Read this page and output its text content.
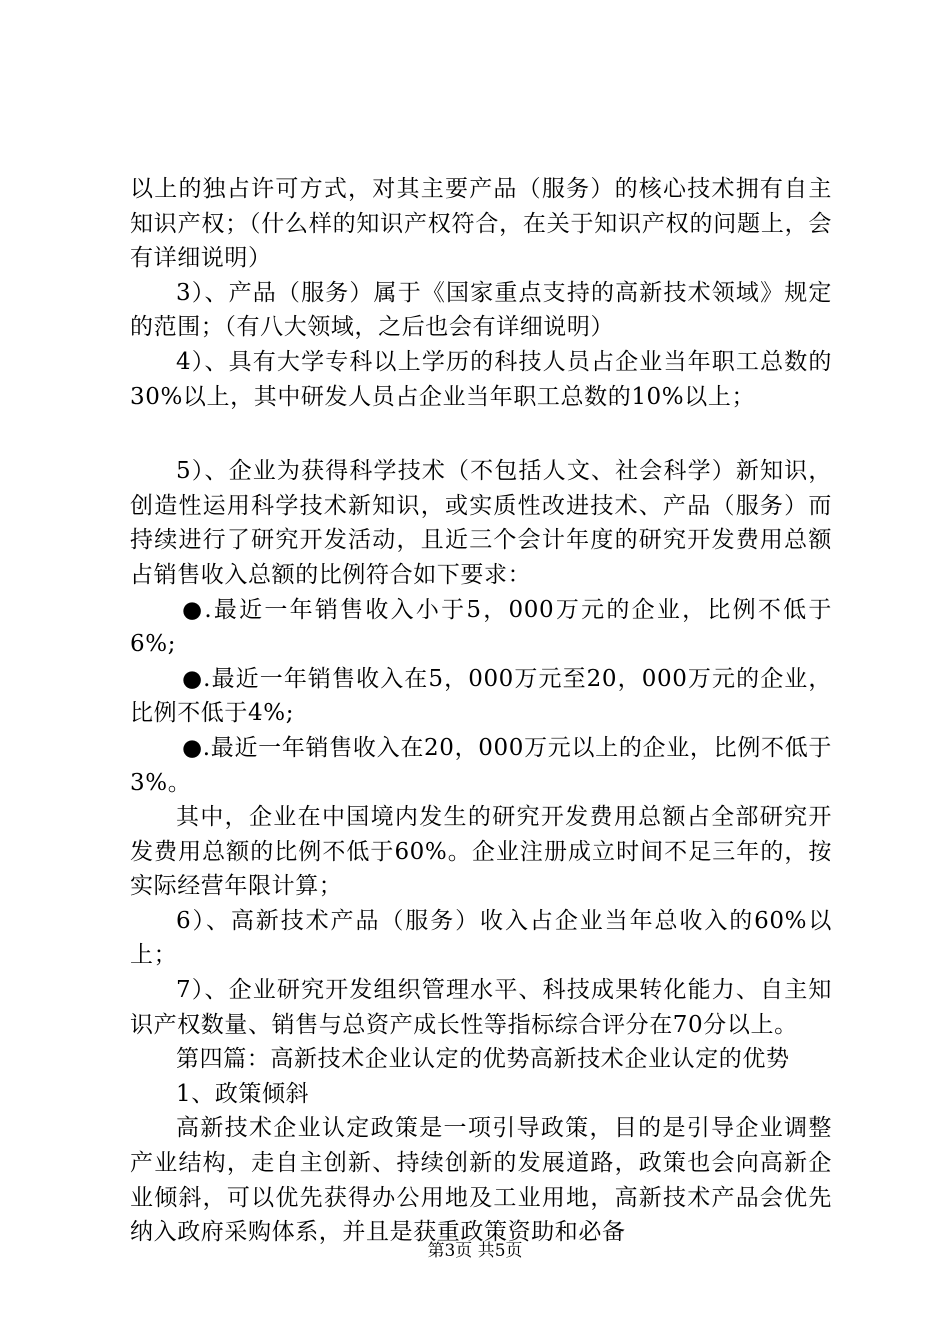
以上的独占许可方式，对其主要产品（服务）的核心技术拥有自主知识产权；（什么样的知识产权符合，在关于知识产权的问题上，会有详细说明）

3）、产品（服务）属于《国家重点支持的高新技术领域》规定的范围；（有八大领域，之后也会有详细说明）

4）、具有大学专科以上学历的科技人员占企业当年职工总数的30%以上，其中研发人员占企业当年职工总数的10%以上；

5）、企业为获得科学技术（不包括人文、社会科学）新知识，创造性运用科学技术新知识，或实质性改进技术、产品（服务）而持续进行了研究开发活动，且近三个会计年度的研究开发费用总额占销售收入总额的比例符合如下要求：

●.最近一年销售收入小于5，000万元的企业，比例不低于6%;

●.最近一年销售收入在5，000万元至20，000万元的企业，比例不低于4%;

●.最近一年销售收入在20，000万元以上的企业，比例不低于3%。

其中，企业在中国境内发生的研究开发费用总额占全部研究开发费用总额的比例不低于60%。企业注册成立时间不足三年的，按实际经营年限计算；

6）、高新技术产品（服务）收入占企业当年总收入的60%以上；

7）、企业研究开发组织管理水平、科技成果转化能力、自主知识产权数量、销售与总资产成长性等指标综合评分在70分以上。

第四篇：高新技术企业认定的优势高新技术企业认定的优势

1、政策倾斜

高新技术企业认定政策是一项引导政策，目的是引导企业调整产业结构，走自主创新、持续创新的发展道路，政策也会向高新企业倾斜，可以优先获得办公用地及工业用地，高新技术产品会优先纳入政府采购体系，并且是获重政策资助和必备

第3页 共5页
